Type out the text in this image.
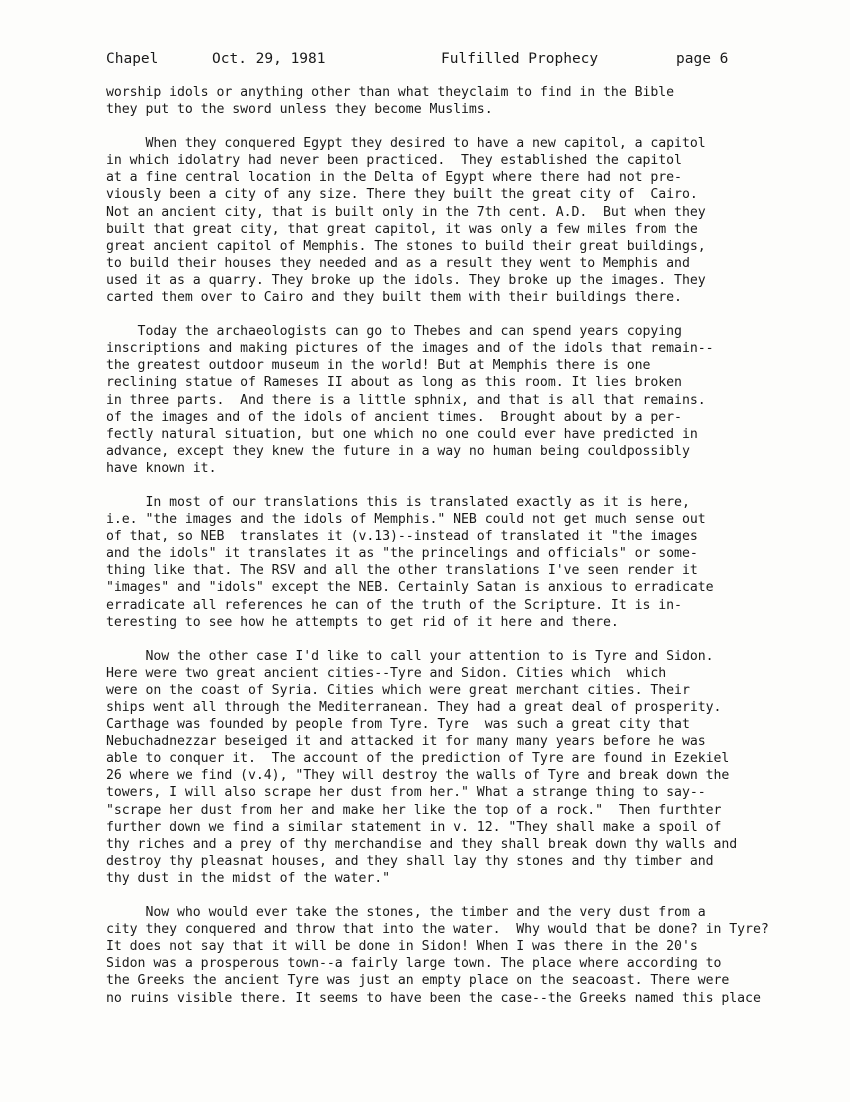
Chapel	Oct. 29, 1981	Fulfilled Prophecy	page 6

worship idols or anything other than what theyclaim to find in the Bible
they put to the sword unless they become Muslims.

When they conquered Egypt they desired to have a new capitol, a capitol
in which idolatry had never been practiced.  They established the capitol
at a fine central location in the Delta of Egypt where there had not pre-
viously been a city of any size. There they built the great city of  Cairo.
Not an ancient city, that is built only in the 7th cent. A.D.  But when they
built that great city, that great capitol, it was only a few miles from the
great ancient capitol of Memphis. The stones to build their great buildings,
to build their houses they needed and as a result they went to Memphis and
used it as a quarry. They broke up the idols. They broke up the images. They
carted them over to Cairo and they built them with their buildings there.

Today the archaeologists can go to Thebes and can spend years copying
inscriptions and making pictures of the images and of the idols that remain--
the greatest outdoor museum in the world! But at Memphis there is one
reclining statue of Rameses II about as long as this room. It lies broken
in three parts.  And there is a little sphnix, and that is all that remains.
of the images and of the idols of ancient times.  Brought about by a per-
fectly natural situation, but one which no one could ever have predicted in
advance, except they knew the future in a way no human being couldpossibly
have known it.

In most of our translations this is translated exactly as it is here,
i.e. "the images and the idols of Memphis." NEB could not get much sense out
of that, so NEB  translates it (v.13)--instead of translated it "the images
and the idols" it translates it as "the princelings and officials" or some-
thing like that. The RSV and all the other translations I've seen render it
"images" and "idols" except the NEB. Certainly Satan is anxious to erradicate
erradicate all references he can of the truth of the Scripture. It is in-
teresting to see how he attempts to get rid of it here and there.

Now the other case I'd like to call your attention to is Tyre and Sidon.
Here were two great ancient cities--Tyre and Sidon. Cities which  which
were on the coast of Syria. Cities which were great merchant cities. Their
ships went all through the Mediterranean. They had a great deal of prosperity.
Carthage was founded by people from Tyre. Tyre  was such a great city that
Nebuchadnezzar beseiged it and attacked it for many many years before he was
able to conquer it.  The account of the prediction of Tyre are found in Ezekiel
26 where we find (v.4), "They will destroy the walls of Tyre and break down the
towers, I will also scrape her dust from her." What a strange thing to say--
"scrape her dust from her and make her like the top of a rock."  Then furthter
further down we find a similar statement in v. 12. "They shall make a spoil of
thy riches and a prey of thy merchandise and they shall break down thy walls and
destroy thy pleasnat houses, and they shall lay thy stones and thy timber and
thy dust in the midst of the water."

Now who would ever take the stones, the timber and the very dust from a
city they conquered and throw that into the water.  Why would that be done? in Tyre?
It does not say that it will be done in Sidon! When I was there in the 20's
Sidon was a prosperous town--a fairly large town. The place where according to
the Greeks the ancient Tyre was just an empty place on the seacoast. There were
no ruins visible there. It seems to have been the case--the Greeks named this place
